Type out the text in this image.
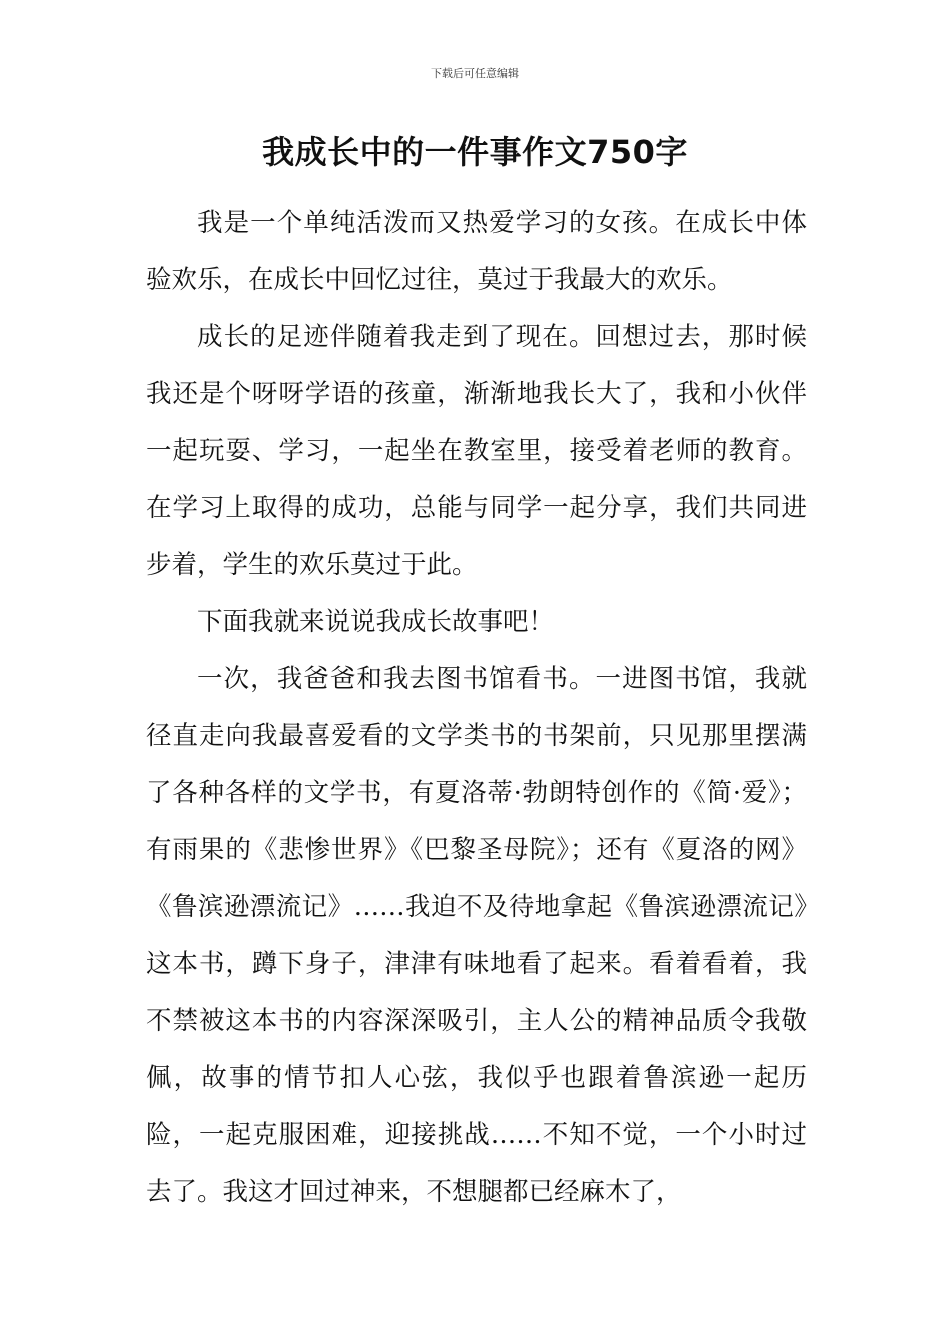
下载后可任意编辑
我成长中的一件事作文750字

我是一个单纯活泼而又热爱学习的女孩。在成长中体验欢乐，在成长中回忆过往，莫过于我最大的欢乐。

成长的足迹伴随着我走到了现在。回想过去，那时候我还是个呀呀学语的孩童，渐渐地我长大了，我和小伙伴一起玩耍、学习，一起坐在教室里，接受着老师的教育。在学习上取得的成功，总能与同学一起分享，我们共同进步着，学生的欢乐莫过于此。

下面我就来说说我成长故事吧！

一次，我爸爸和我去图书馆看书。一进图书馆，我就径直走向我最喜爱看的文学类书的书架前，只见那里摆满了各种各样的文学书，有夏洛蒂·勃朗特创作的《简·爱》；有雨果的《悲惨世界》《巴黎圣母院》；还有《夏洛的网》《鲁滨逊漂流记》……我迫不及待地拿起《鲁滨逊漂流记》这本书，蹲下身子，津津有味地看了起来。看着看着，我不禁被这本书的内容深深吸引，主人公的精神品质令我敬佩，故事的情节扣人心弦，我似乎也跟着鲁滨逊一起历险，一起克服困难，迎接挑战……不知不觉，一个小时过去了。我这才回过神来，不想腿都已经麻木了，
